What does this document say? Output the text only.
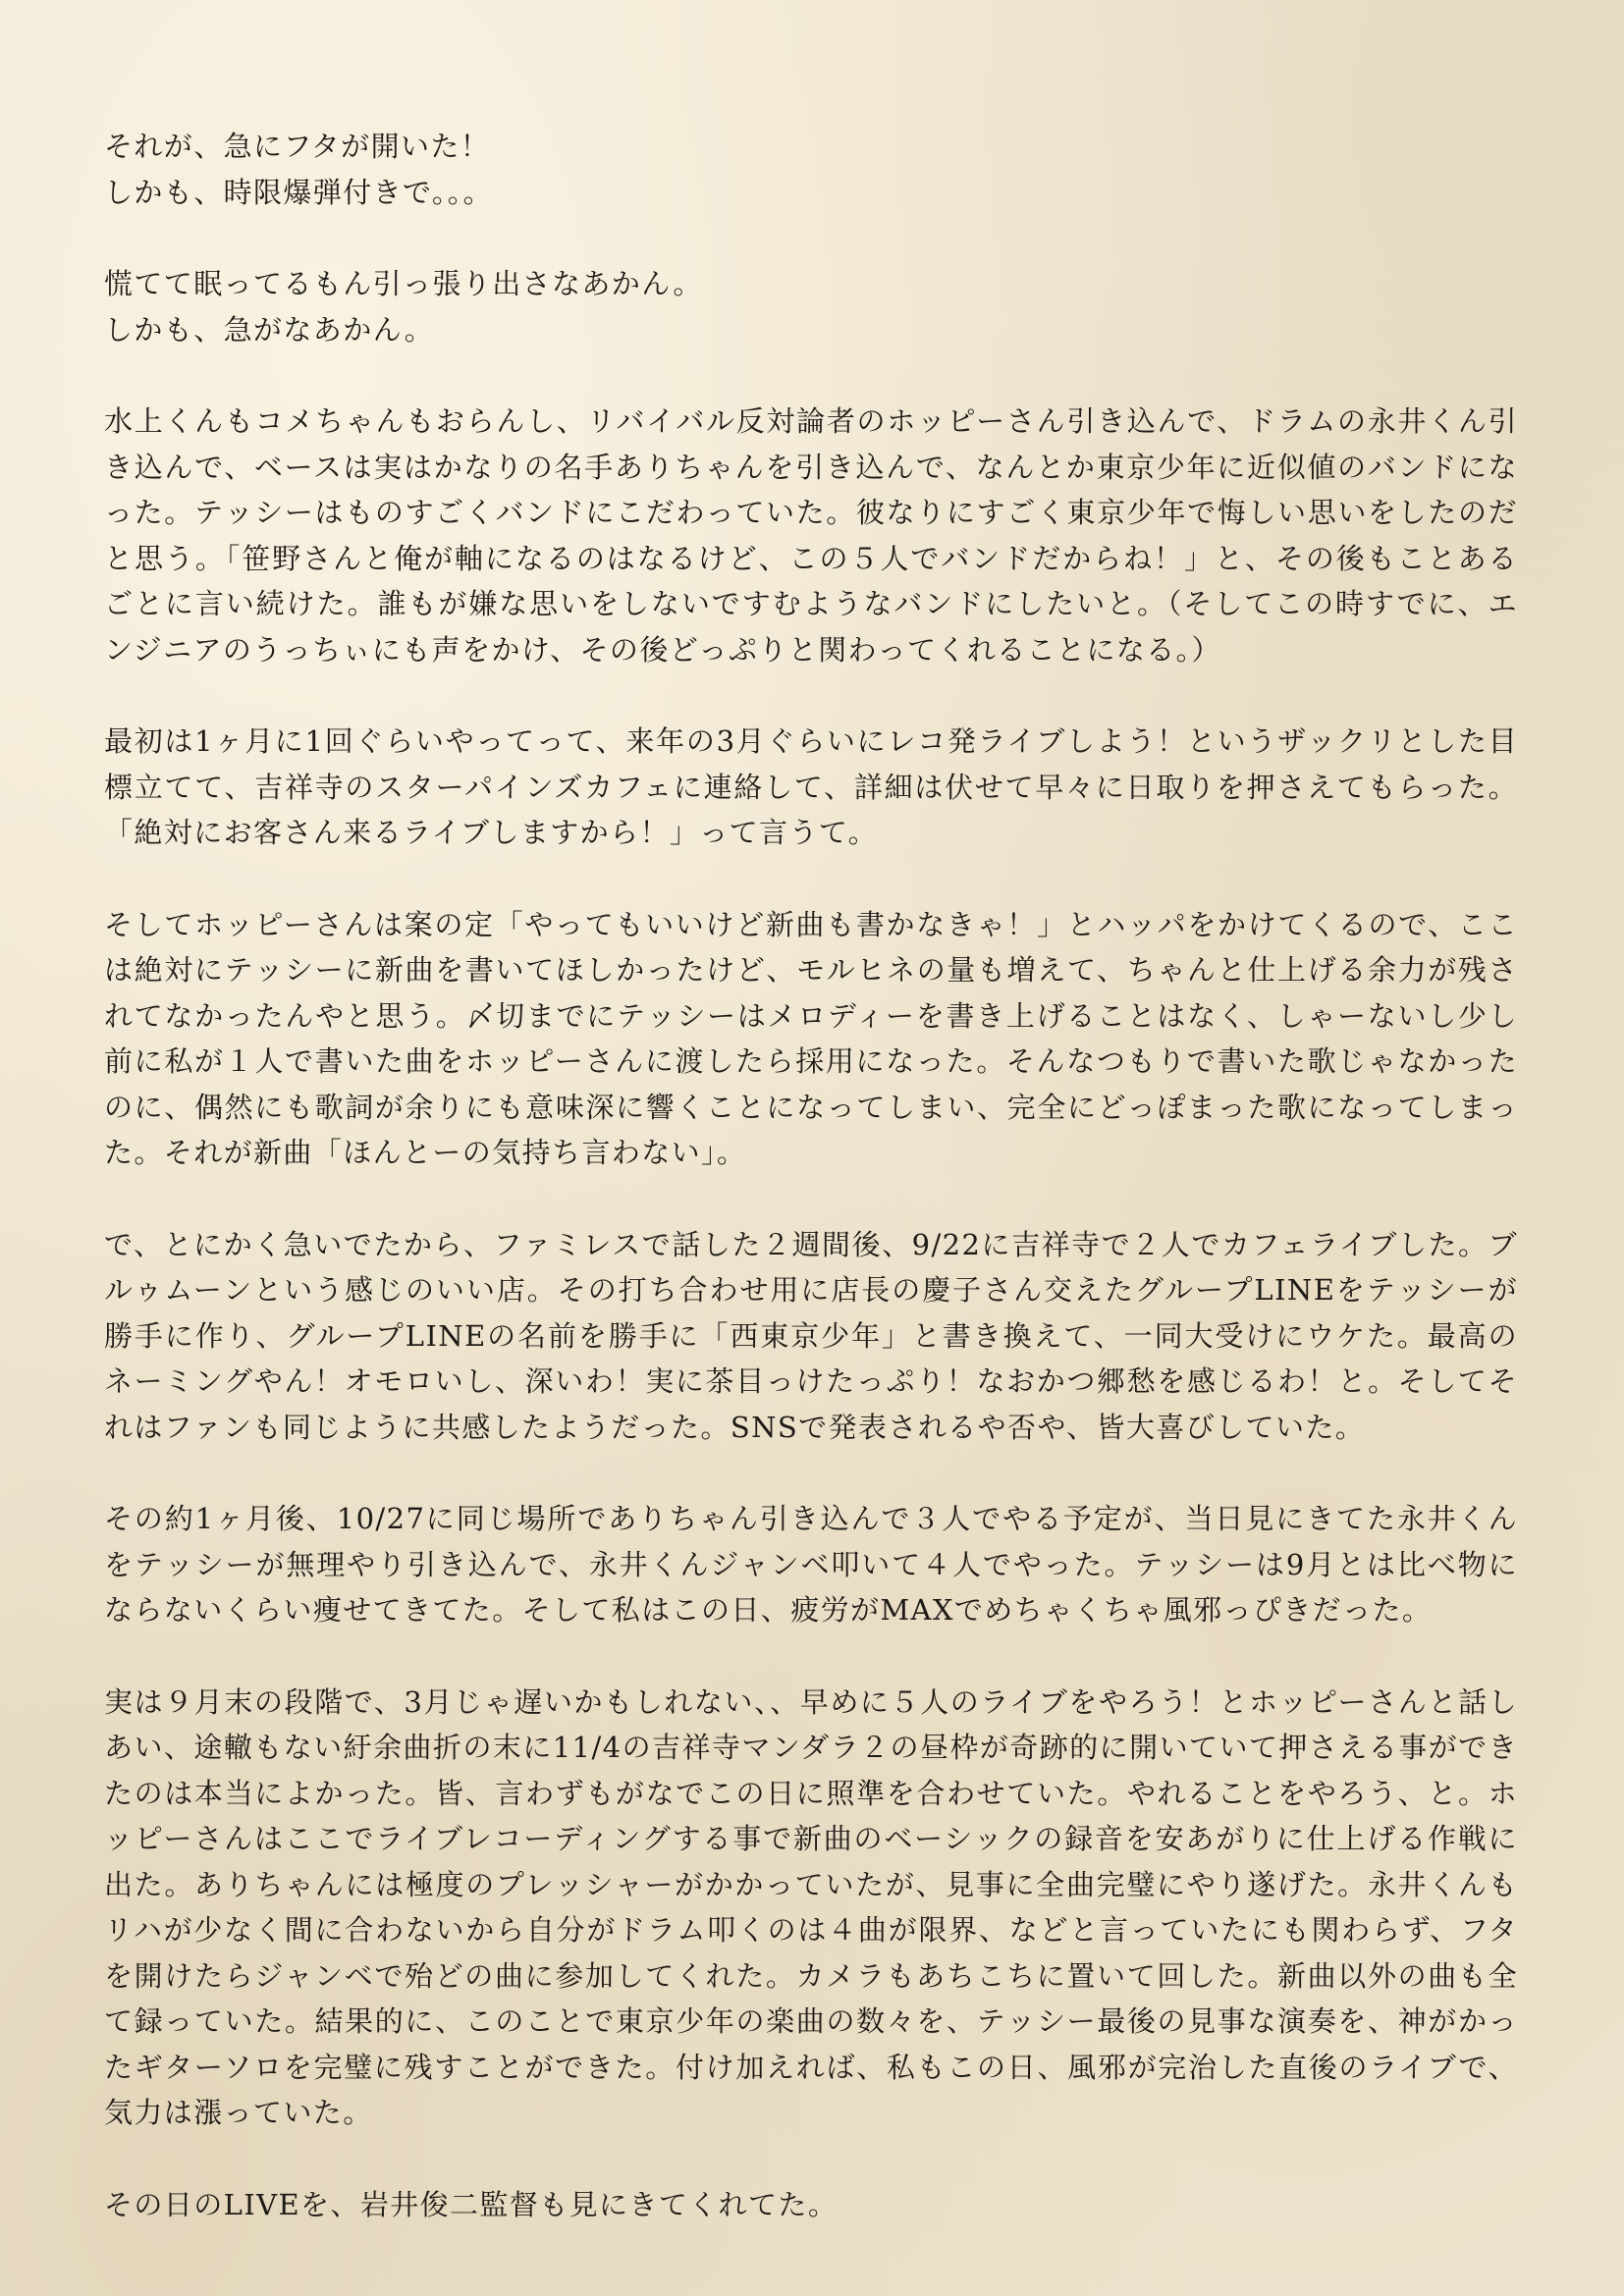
それが、急にフタが開いた！
しかも、時限爆弾付きで。。。

慌てて眠ってるもん引っ張り出さなあかん。
しかも、急がなあかん。

水上くんもコメちゃんもおらんし、リバイバル反対論者のホッピーさん引き込んで、ドラムの永井くん引き込んで、ベースは実はかなりの名手ありちゃんを引き込んで、なんとか東京少年に近似値のバンドになった。テッシーはものすごくバンドにこだわっていた。彼なりにすごく東京少年で悔しい思いをしたのだと思う。「笹野さんと俺が軸になるのはなるけど、この５人でバンドだからね！」と、その後もことあるごとに言い続けた。誰もが嫌な思いをしないですむようなバンドにしたいと。（そしてこの時すでに、エンジニアのうっちぃにも声をかけ、その後どっぷりと関わってくれることになる。）

最初は1ヶ月に1回ぐらいやってって、来年の3月ぐらいにレコ発ライブしよう！というザックリとした目標立てて、吉祥寺のスターパインズカフェに連絡して、詳細は伏せて早々に日取りを押さえてもらった。「絶対にお客さん来るライブしますから！」って言うて。

そしてホッピーさんは案の定「やってもいいけど新曲も書かなきゃ！」とハッパをかけてくるので、ここは絶対にテッシーに新曲を書いてほしかったけど、モルヒネの量も増えて、ちゃんと仕上げる余力が残されてなかったんやと思う。〆切までにテッシーはメロディーを書き上げることはなく、しゃーないし少し前に私が１人で書いた曲をホッピーさんに渡したら採用になった。そんなつもりで書いた歌じゃなかったのに、偶然にも歌詞が余りにも意味深に響くことになってしまい、完全にどっぽまった歌になってしまった。それが新曲「ほんとーの気持ち言わない」。

で、とにかく急いでたから、ファミレスで話した２週間後、9/22に吉祥寺で２人でカフェライブした。ブルゥムーンという感じのいい店。その打ち合わせ用に店長の慶子さん交えたグループLINEをテッシーが勝手に作り、グループLINEの名前を勝手に「西東京少年」と書き換えて、一同大受けにウケた。最高のネーミングやん！オモロいし、深いわ！実に茶目っけたっぷり！なおかつ郷愁を感じるわ！と。そしてそれはファンも同じように共感したようだった。SNSで発表されるや否や、皆大喜びしていた。

その約1ヶ月後、10/27に同じ場所でありちゃん引き込んで３人でやる予定が、当日見にきてた永井くんをテッシーが無理やり引き込んで、永井くんジャンベ叩いて４人でやった。テッシーは9月とは比べ物にならないくらい痩せてきてた。そして私はこの日、疲労がMAXでめちゃくちゃ風邪っぴきだった。

実は９月末の段階で、3月じゃ遅いかもしれない、、早めに５人のライブをやろう！とホッピーさんと話しあい、途轍もない紆余曲折の末に11/4の吉祥寺マンダラ２の昼枠が奇跡的に開いていて押さえる事ができたのは本当によかった。皆、言わずもがなでこの日に照準を合わせていた。やれることをやろう、と。ホッピーさんはここでライブレコーディングする事で新曲のベーシックの録音を安あがりに仕上げる作戦に出た。ありちゃんには極度のプレッシャーがかかっていたが、見事に全曲完璧にやり遂げた。永井くんもリハが少なく間に合わないから自分がドラム叩くのは４曲が限界、などと言っていたにも関わらず、フタを開けたらジャンベで殆どの曲に参加してくれた。カメラもあちこちに置いて回した。新曲以外の曲も全て録っていた。結果的に、このことで東京少年の楽曲の数々を、テッシー最後の見事な演奏を、神がかったギターソロを完璧に残すことができた。付け加えれば、私もこの日、風邪が完治した直後のライブで、気力は漲っていた。

その日のLIVEを、岩井俊二監督も見にきてくれてた。
